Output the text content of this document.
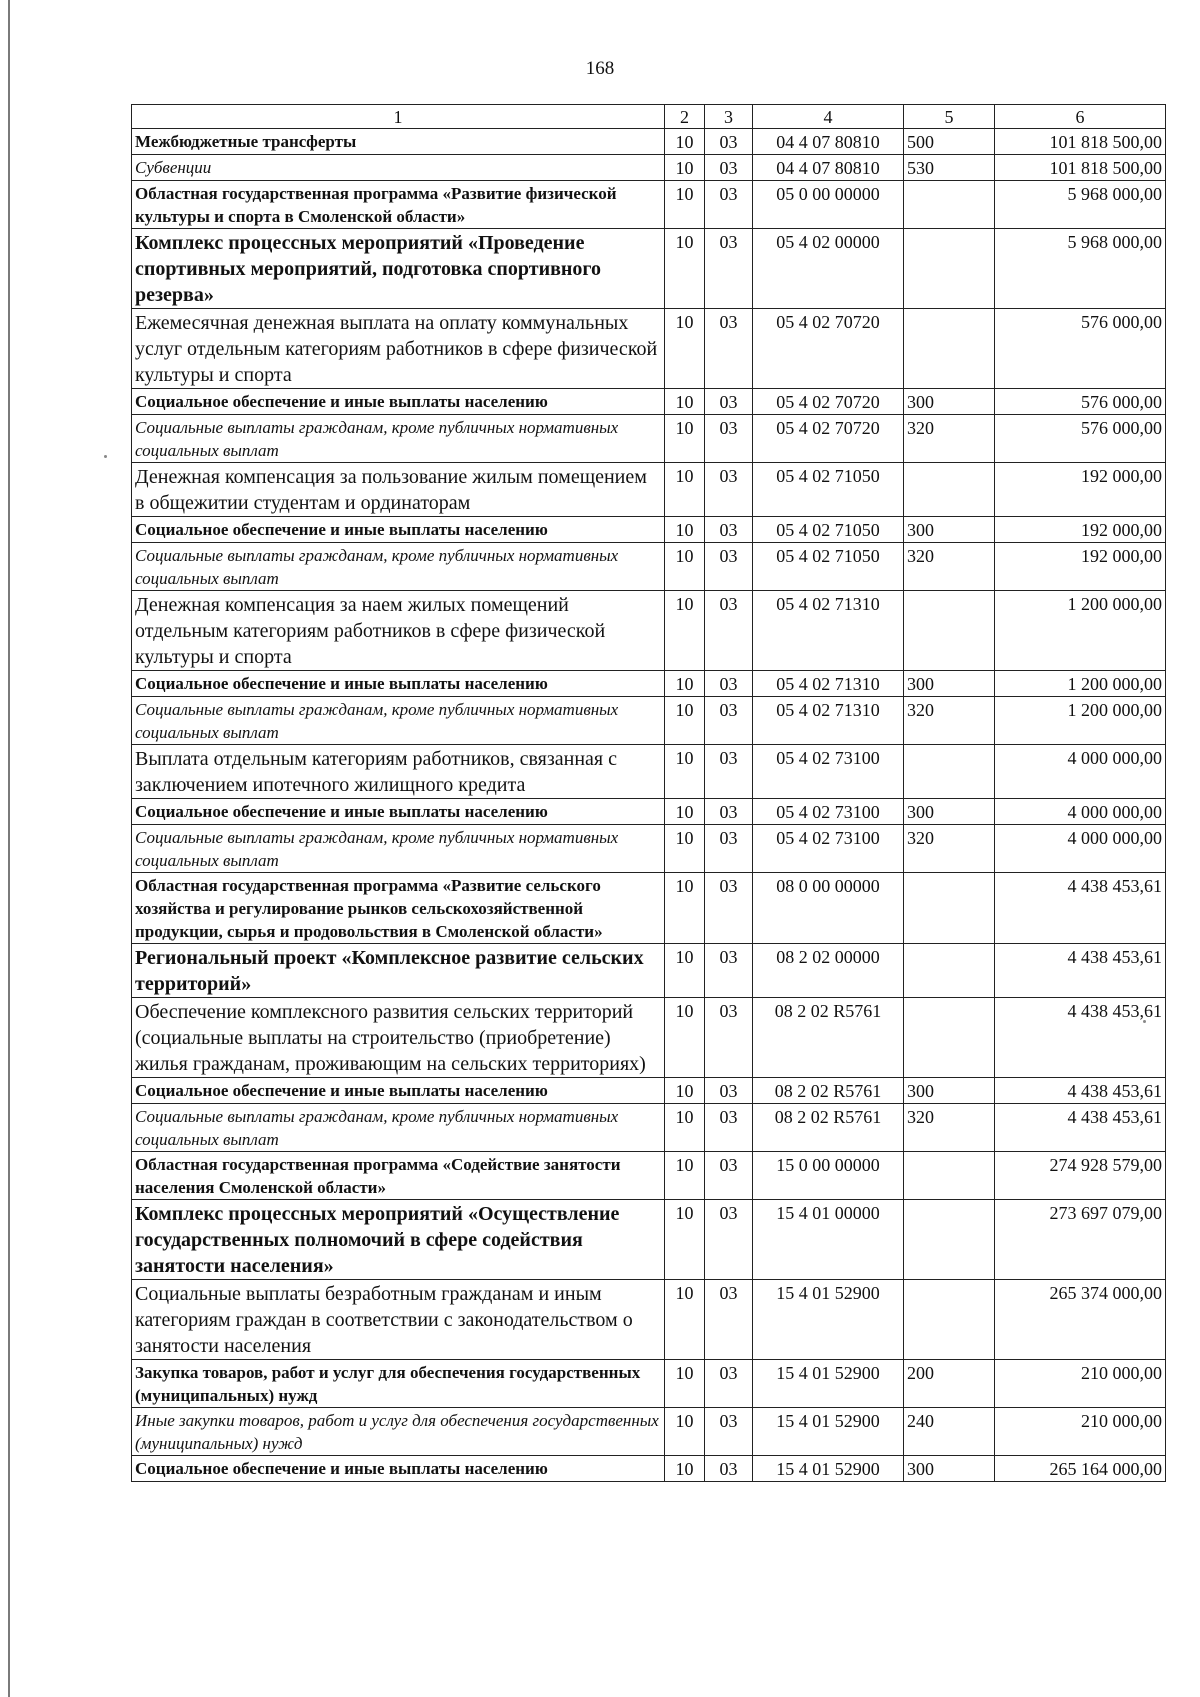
168
1	2	3	4	5	6
Межбюджетные трансферты	10	03	04 4 07 80810	500	101 818 500,00
Субвенции	10	03	04 4 07 80810	530	101 818 500,00
Областная государственная программа «Развитие физической культуры и спорта в Смоленской области»	10	03	05 0 00 00000		5 968 000,00
Комплекс процессных мероприятий «Проведение спортивных мероприятий, подготовка спортивного резерва»	10	03	05 4 02 00000		5 968 000,00
Ежемесячная денежная выплата на оплату коммунальных услуг отдельным категориям работников в сфере физической культуры и спорта	10	03	05 4 02 70720		576 000,00
Социальное обеспечение и иные выплаты населению	10	03	05 4 02 70720	300	576 000,00
Социальные выплаты гражданам, кроме публичных нормативных социальных выплат	10	03	05 4 02 70720	320	576 000,00
Денежная компенсация за пользование жилым помещением в общежитии студентам и ординаторам	10	03	05 4 02 71050		192 000,00
Социальное обеспечение и иные выплаты населению	10	03	05 4 02 71050	300	192 000,00
Социальные выплаты гражданам, кроме публичных нормативных социальных выплат	10	03	05 4 02 71050	320	192 000,00
Денежная компенсация за наем жилых помещений отдельным категориям работников в сфере физической культуры и спорта	10	03	05 4 02 71310		1 200 000,00
Социальное обеспечение и иные выплаты населению	10	03	05 4 02 71310	300	1 200 000,00
Социальные выплаты гражданам, кроме публичных нормативных социальных выплат	10	03	05 4 02 71310	320	1 200 000,00
Выплата отдельным категориям работников, связанная с заключением ипотечного жилищного кредита	10	03	05 4 02 73100		4 000 000,00
Социальное обеспечение и иные выплаты населению	10	03	05 4 02 73100	300	4 000 000,00
Социальные выплаты гражданам, кроме публичных нормативных социальных выплат	10	03	05 4 02 73100	320	4 000 000,00
Областная государственная программа «Развитие сельского хозяйства и регулирование рынков сельскохозяйственной продукции, сырья и продовольствия в Смоленской области»	10	03	08 0 00 00000		4 438 453,61
Региональный проект «Комплексное развитие сельских территорий»	10	03	08 2 02 00000		4 438 453,61
Обеспечение комплексного развития сельских территорий (социальные выплаты на строительство (приобретение) жилья гражданам, проживающим на сельских территориях)	10	03	08 2 02 R5761		4 438 453,61
Социальное обеспечение и иные выплаты населению	10	03	08 2 02 R5761	300	4 438 453,61
Социальные выплаты гражданам, кроме публичных нормативных социальных выплат	10	03	08 2 02 R5761	320	4 438 453,61
Областная государственная программа «Содействие занятости населения Смоленской области»	10	03	15 0 00 00000		274 928 579,00
Комплекс процессных мероприятий «Осуществление государственных полномочий в сфере содействия занятости населения»	10	03	15 4 01 00000		273 697 079,00
Социальные выплаты безработным гражданам и иным категориям граждан в соответствии с законодательством о занятости населения	10	03	15 4 01 52900		265 374 000,00
Закупка товаров, работ и услуг для обеспечения государственных (муниципальных) нужд	10	03	15 4 01 52900	200	210 000,00
Иные закупки товаров, работ и услуг для обеспечения государственных (муниципальных) нужд	10	03	15 4 01 52900	240	210 000,00
Социальное обеспечение и иные выплаты населению	10	03	15 4 01 52900	300	265 164 000,00
